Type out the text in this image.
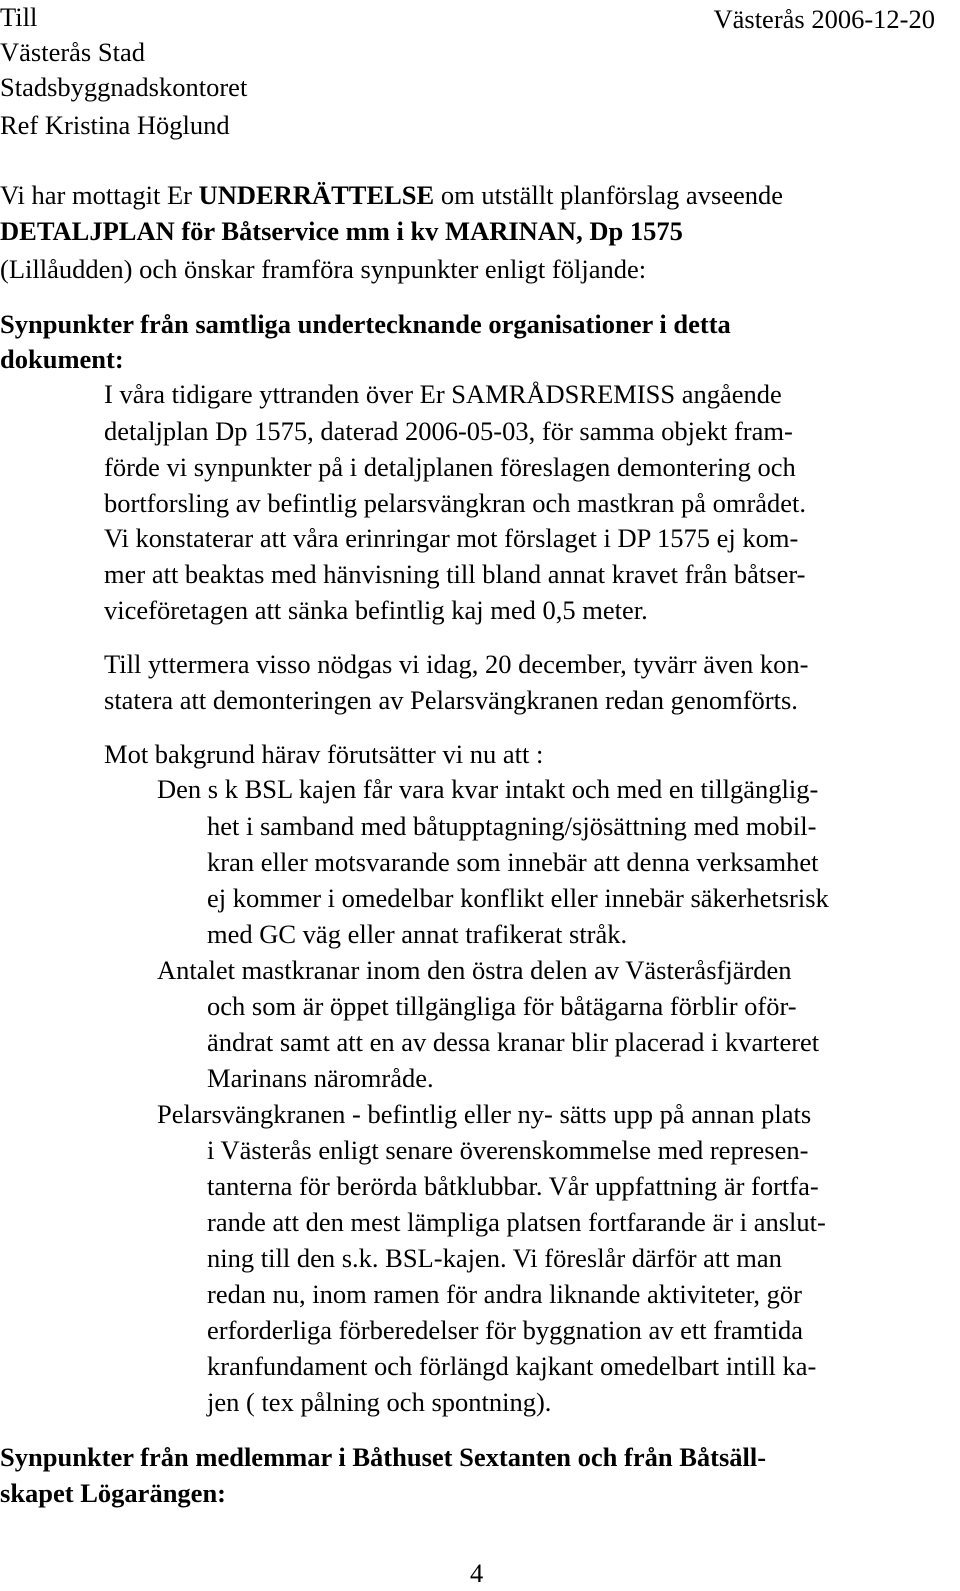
Till	Västerås 2006-12-20
Västerås Stad
Stadsbyggnadskontoret
Ref Kristina Höglund
Vi har mottagit Er UNDERRÄTTELSE om utställt planförslag avseende
DETALJPLAN för Båtservice mm i kv MARINAN, Dp 1575
(Lillåudden) och önskar framföra synpunkter enligt följande:
Synpunkter från samtliga undertecknande organisationer i detta
dokument:
I våra tidigare yttranden över Er SAMRÅDSREMISS angående
detaljplan Dp 1575, daterad 2006-05-03, för samma objekt fram-
förde vi synpunkter på i detaljplanen föreslagen demontering och
bortforsling av befintlig pelarsvängkran och mastkran på området.
Vi konstaterar att våra erinringar mot förslaget i DP 1575 ej kom-
mer att beaktas med hänvisning till bland annat kravet från båtser-
viceföretagen att sänka befintlig kaj med 0,5 meter.
Till yttermera visso nödgas vi idag, 20 december, tyvärr även kon-
statera att demonteringen av Pelarsvängkranen redan genomförts.
Mot bakgrund härav förutsätter vi nu att :
Den s k BSL kajen får vara kvar intakt och med en tillgänglig-
het i samband med båtupptagning/sjösättning med mobil-
kran eller motsvarande som innebär att denna verksamhet
ej kommer i omedelbar konflikt eller innebär säkerhetsrisk
med GC väg eller annat trafikerat stråk.
Antalet mastkranar inom den östra delen av Västeråsfjärden
och som är öppet tillgängliga för båtägarna förblir oför-
ändrat samt att en av dessa kranar blir placerad i kvarteret
Marinans närområde.
Pelarsvängkranen - befintlig eller ny- sätts upp på annan plats
i Västerås enligt senare överenskommelse med represen-
tanterna för berörda båtklubbar. Vår uppfattning är fortfa-
rande att den mest lämpliga platsen fortfarande är i anslut-
ning till den s.k. BSL-kajen. Vi föreslår därför att man
redan nu, inom ramen för andra liknande aktiviteter, gör
erforderliga förberedelser för byggnation av ett framtida
kranfundament och förlängd kajkant omedelbart intill ka-
jen ( tex pålning och spontning).
Synpunkter från medlemmar i Båthuset Sextanten och från Båtsäll-
skapet Lögarängen:
4
